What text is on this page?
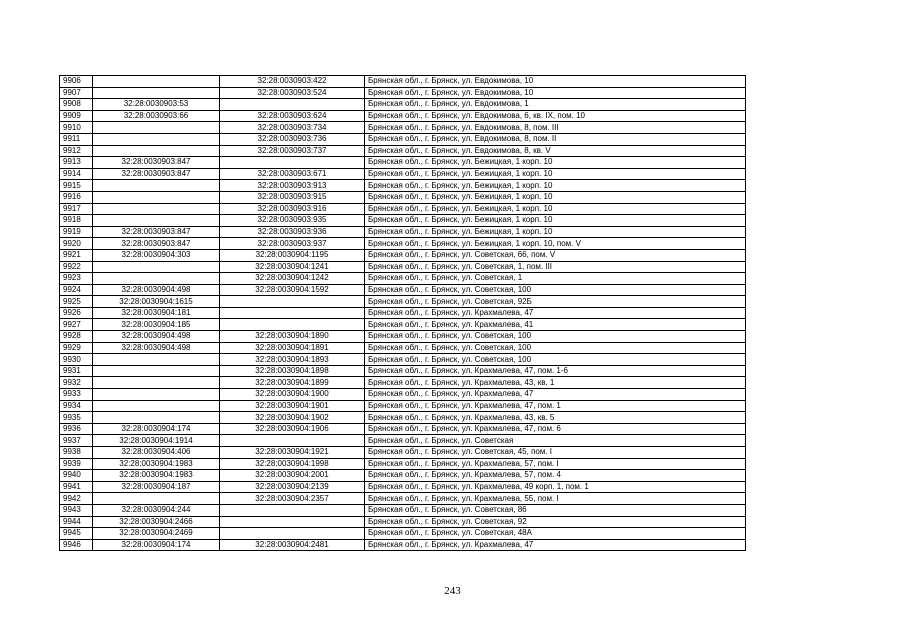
9906		32:28:0030903:422	Брянская обл., г. Брянск, ул. Евдокимова, 10
9907		32:28:0030903:524	Брянская обл., г. Брянск, ул. Евдокимова, 10
9908	32:28:0030903:53		Брянская обл., г. Брянск, ул. Евдокимова, 1
9909	32:28:0030903:66	32:28:0030903:624	Брянская обл., г. Брянск, ул. Евдокимова, 6, кв. IX, пом. 10
9910		32:28:0030903:734	Брянская обл., г. Брянск, ул. Евдокимова, 8, пом. III
9911		32:28:0030903:736	Брянская обл., г. Брянск, ул. Евдокимова, 8, пом. II
9912		32:28:0030903:737	Брянская обл., г. Брянск, ул. Евдокимова, 8, кв. V
9913	32:28:0030903:847		Брянская обл., г. Брянск, ул. Бежицкая, 1 корп. 10
9914	32:28:0030903:847	32:28:0030903:671	Брянская обл., г. Брянск, ул. Бежицкая, 1 корп. 10
9915		32:28:0030903:913	Брянская обл., г. Брянск, ул. Бежицкая, 1 корп. 10
9916		32:28:0030903:915	Брянская обл., г. Брянск, ул. Бежицкая, 1 корп. 10
9917		32:28:0030903:916	Брянская обл., г. Брянск, ул. Бежицкая, 1 корп. 10
9918		32:28:0030903:935	Брянская обл., г. Брянск, ул. Бежицкая, 1 корп. 10
9919	32:28:0030903:847	32:28:0030903:936	Брянская обл., г. Брянск, ул. Бежицкая, 1 корп. 10
9920	32:28:0030903:847	32:28:0030903:937	Брянская обл., г. Брянск, ул. Бежицкая, 1 корп. 10, пом. V
9921	32:28:0030904:303	32:28:0030904:1195	Брянская обл., г. Брянск, ул. Советская, 66, пом. V
9922		32:28:0030904:1241	Брянская обл., г. Брянск, ул. Советская, 1, пом. III
9923		32:28:0030904:1242	Брянская обл., г. Брянск, ул. Советская, 1
9924	32:28:0030904:498	32:28:0030904:1592	Брянская обл., г. Брянск, ул. Советская, 100
9925	32:28:0030904:1615		Брянская обл., г. Брянск, ул. Советская, 92Б
9926	32:28:0030904:181		Брянская обл., г. Брянск, ул. Крахмалева, 47
9927	32:28:0030904:185		Брянская обл., г. Брянск, ул. Крахмалева, 41
9928	32:28:0030904:498	32:28:0030904:1890	Брянская обл., г. Брянск, ул. Советская, 100
9929	32:28:0030904:498	32:28:0030904:1891	Брянская обл., г. Брянск, ул. Советская, 100
9930		32:28:0030904:1893	Брянская обл., г. Брянск, ул. Советская, 100
9931		32:28:0030904:1898	Брянская обл., г. Брянск, ул. Крахмалева, 47, пом. 1-6
9932		32:28:0030904:1899	Брянская обл., г. Брянск, ул. Крахмалева, 43, кв. 1
9933		32:28:0030904:1900	Брянская обл., г. Брянск, ул. Крахмалева, 47
9934		32:28:0030904:1901	Брянская обл., г. Брянск, ул. Крахмалева, 47, пом. 1
9935		32:28:0030904:1902	Брянская обл., г. Брянск, ул. Крахмалева, 43, кв. 5
9936	32:28:0030904:174	32:28:0030904:1906	Брянская обл., г. Брянск, ул. Крахмалева, 47, пом. 6
9937	32:28:0030904:1914		Брянская обл., г. Брянск, ул. Советская
9938	32:28:0030904:406	32:28:0030904:1921	Брянская обл., г. Брянск, ул. Советская, 45, пом. I
9939	32:28:0030904:1983	32:28:0030904:1998	Брянская обл., г. Брянск, ул. Крахмалева, 57, пом. I
9940	32:28:0030904:1983	32:28:0030904:2001	Брянская обл., г. Брянск, ул. Крахмалева, 57, пом. 4
9941	32:28:0030904:187	32:28:0030904:2139	Брянская обл., г. Брянск, ул. Крахмалева, 49 корп. 1, пом. 1
9942		32:28:0030904:2357	Брянская обл., г. Брянск, ул. Крахмалева, 55, пом. I
9943	32:28:0030904:244		Брянская обл., г. Брянск, ул. Советская, 86
9944	32:28:0030904:2466		Брянская обл., г. Брянск, ул. Советская, 92
9945	32:28:0030904:2469		Брянская обл., г. Брянск, ул. Советская, 48А
9946	32:28:0030904:174	32:28:0030904:2481	Брянская обл., г. Брянск, ул. Крахмалева, 47
243
